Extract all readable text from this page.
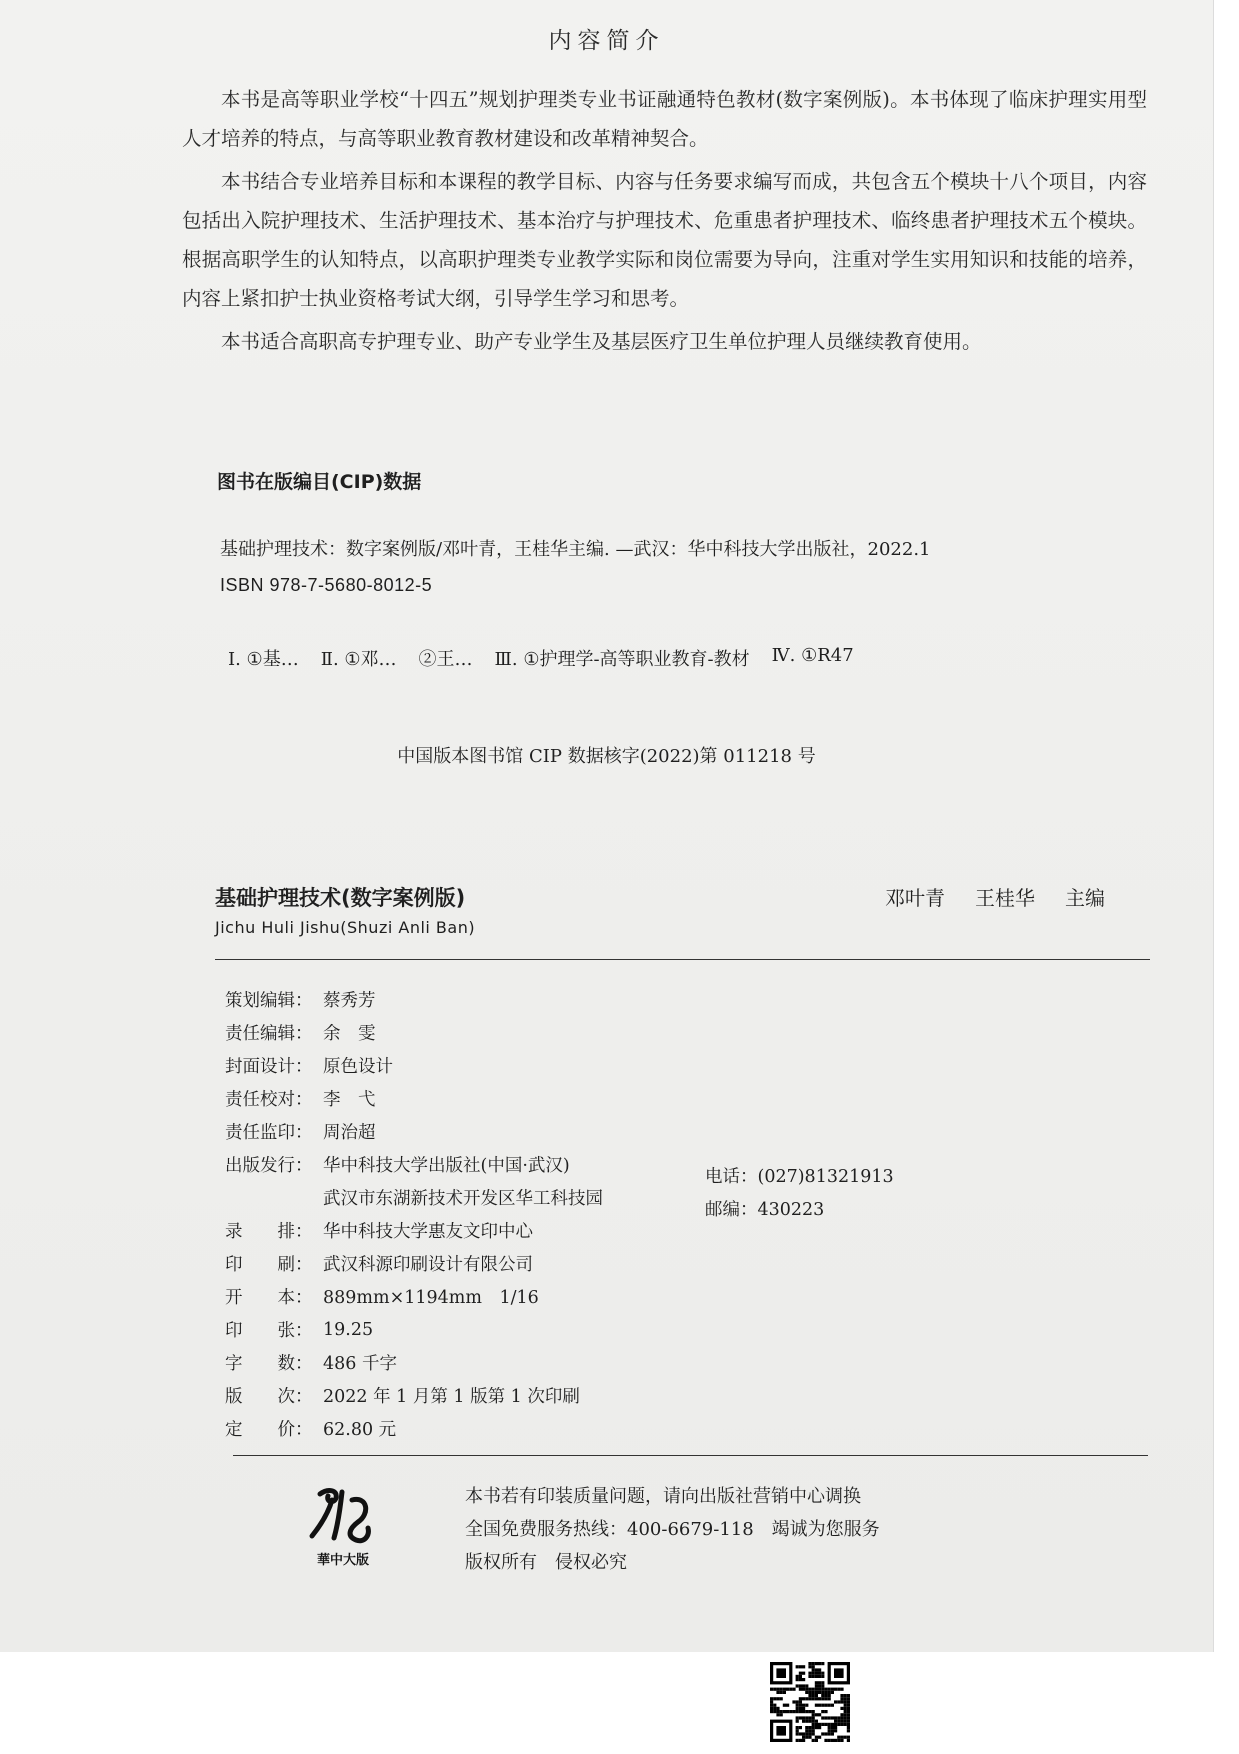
内容简介

本书是高等职业学校“十四五”规划护理类专业书证融通特色教材(数字案例版)。本书体现了临床护理实用型人才培养的特点，与高等职业教育教材建设和改革精神契合。

本书结合专业培养目标和本课程的教学目标、内容与任务要求编写而成，共包含五个模块十八个项目，内容包括出入院护理技术、生活护理技术、基本治疗与护理技术、危重患者护理技术、临终患者护理技术五个模块。根据高职学生的认知特点，以高职护理类专业教学实际和岗位需要为导向，注重对学生实用知识和技能的培养，内容上紧扣护士执业资格考试大纲，引导学生学习和思考。

本书适合高职高专护理专业、助产专业学生及基层医疗卫生单位护理人员继续教育使用。

图书在版编目(CIP)数据
基础护理技术：数字案例版/邓叶青，王桂华主编. —武汉：华中科技大学出版社，2022.1
ISBN 978-7-5680-8012-5
Ⅰ. ①基… Ⅱ. ①邓… ②王… Ⅲ. ①护理学-高等职业教育-教材 Ⅳ. ①R47
中国版本图书馆 CIP 数据核字(2022)第 011218 号
基础护理技术(数字案例版)
Jichu Huli Jishu(Shuzi Anli Ban)
邓叶青 王桂华 主编
策划编辑： 蔡秀芳
责任编辑： 余　雯
封面设计： 原色设计
责任校对： 李　弋
责任监印： 周治超
出版发行： 华中科技大学出版社(中国·武汉)
武汉市东湖新技术开发区华工科技园
录　　排： 华中科技大学惠友文印中心
印　　刷： 武汉科源印刷设计有限公司
开　　本： 889mm×1194mm　1/16
印　　张： 19.25
字　　数： 486 千字
版　　次： 2022 年 1 月第 1 版第 1 次印刷
定　　价： 62.80 元
电话：(027)81321913
邮编：430223
華中大版
本书若有印装质量问题，请向出版社营销中心调换
全国免费服务热线：400-6679-118　竭诚为您服务
版权所有　侵权必究
